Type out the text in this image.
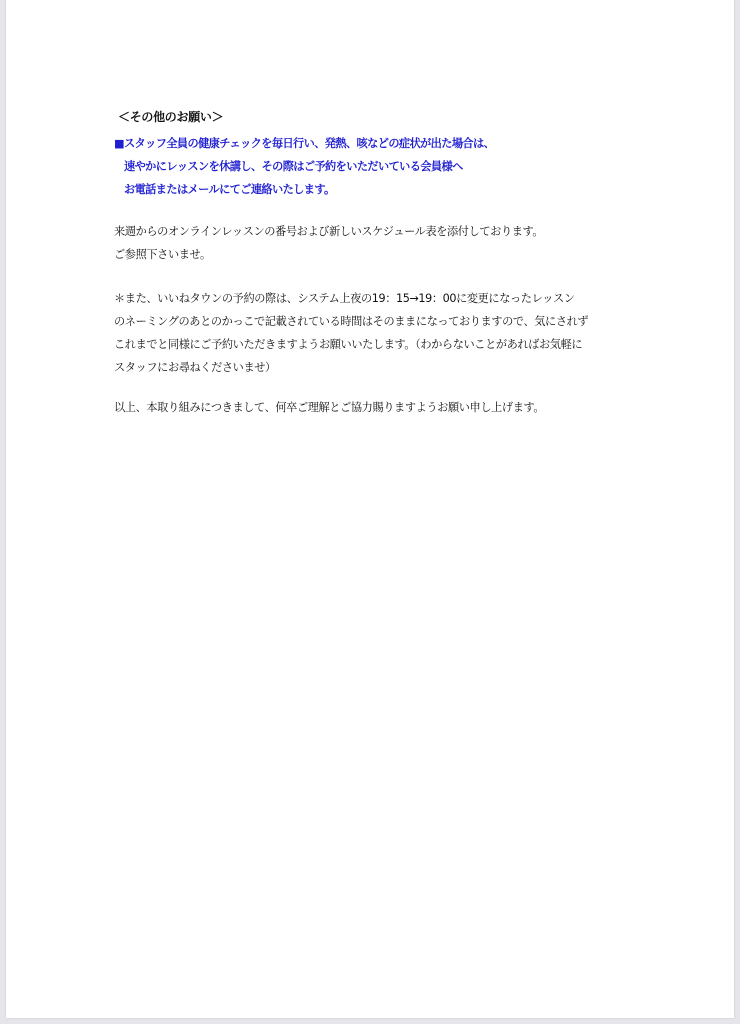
＜その他のお願い＞
■スタッフ全員の健康チェックを毎日行い、発熱、咳などの症状が出た場合は、
速やかにレッスンを休講し、その際はご予約をいただいている会員様へ
お電話またはメールにてご連絡いたします。
来週からのオンラインレッスンの番号および新しいスケジュール表を添付しております。
ご参照下さいませ。
＊また、いいねタウンの予約の際は、システム上夜の19：15→19：00に変更になったレッスン
のネーミングのあとのかっこで記載されている時間はそのままになっておりますので、気にされず
これまでと同様にご予約いただきますようお願いいたします。（わからないことがあればお気軽に
スタッフにお尋ねくださいませ）
以上、本取り組みにつきまして、何卒ご理解とご協力賜りますようお願い申し上げます。
